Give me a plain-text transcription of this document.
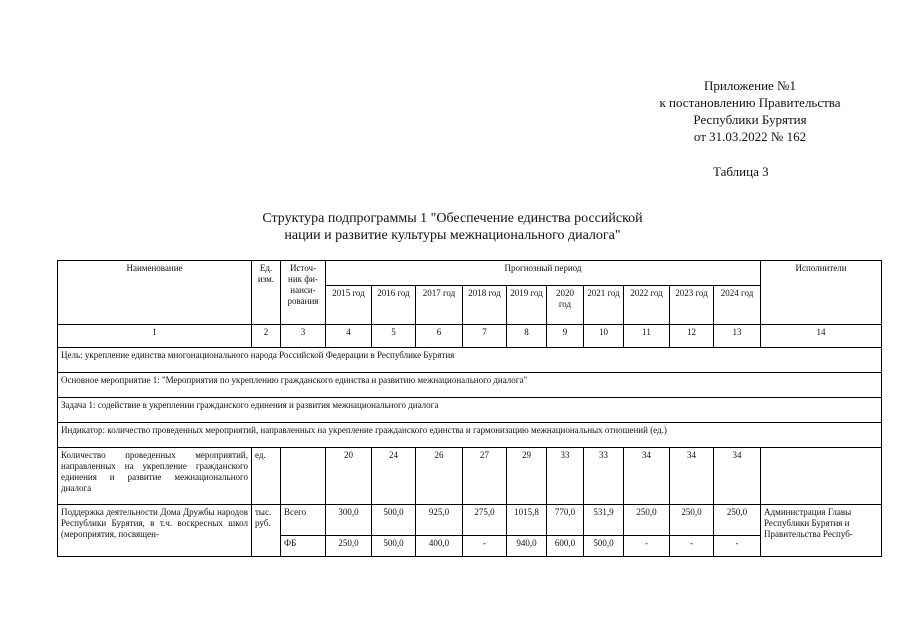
Приложение №1
к постановлению Правительства
Республики Бурятия
от 31.03.2022 № 162
Таблица 3
Структура подпрограммы 1 "Обеспечение единства российской
нации и развитие культуры межнационального диалога"
Наименование	Ед. изм.	Источ-ник фи-нанси-рования	Прогнозный период										Исполнители
			2015 год	2016 год	2017 год	2018 год	2019 год	2020 год	2021 год	2022 год	2023 год	2024 год	
1	2	3	4	5	6	7	8	9	10	11	12	13	14
Цель: укрепление единства многонационального народа Российской Федерации в Республике Бурятия													
Основное мероприятие 1: "Мероприятия по укреплению гражданского единства и развитию межнационального диалога"													
Задача 1: содействие в укреплении гражданского единения и развития межнационального диалога													
Индикатор: количество проведенных мероприятий, направленных на укрепление гражданского единства и гармонизацию межнациональных отношений (ед.)													
Количество проведенных мероприятий, направленных на укрепление гражданского единения и развитие межнационального диалога	ед.		20	24	26	27	29	33	33	34	34	34	
Поддержка деятельности Дома Дружбы народов Республики Бурятия, в т.ч. воскресных школ (мероприятия, посвящен-	тыс. руб.	Всего	300,0	500,0	925,0	275,0	1015,8	770,0	531,9	250,0	250,0	250,0	Администрация Главы Республики Бурятия и Правительства Респуб-
		ФБ	250,0	500,0	400,0	-	940,0	600,0	500,0	-	-	-	
